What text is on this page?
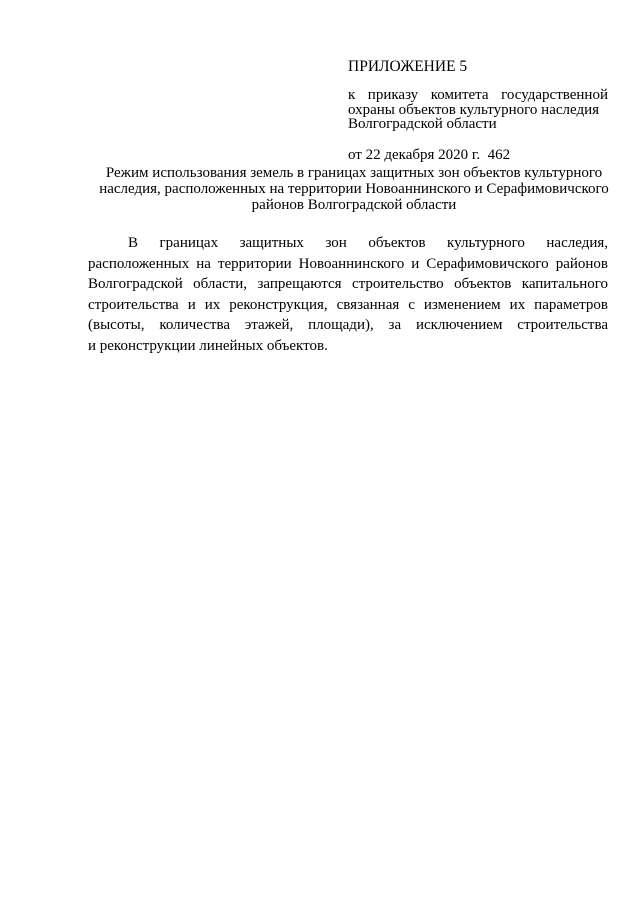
ПРИЛОЖЕНИЕ 5
к приказу комитета государственной
охраны объектов культурного наследия
Волгоградской области
от 22 декабря 2020 г.  462
Режим использования земель в границах защитных зон объектов культурного
наследия, расположенных на территории Новоаннинского и Серафимовичского
районов Волгоградской области
В границах защитных зон объектов культурного наследия,
расположенных на территории Новоаннинского и Серафимовичского районов
Волгоградской области, запрещаются строительство объектов капитального
строительства и их реконструкция, связанная с изменением их параметров
(высоты, количества этажей, площади), за исключением строительства
и реконструкции линейных объектов.
